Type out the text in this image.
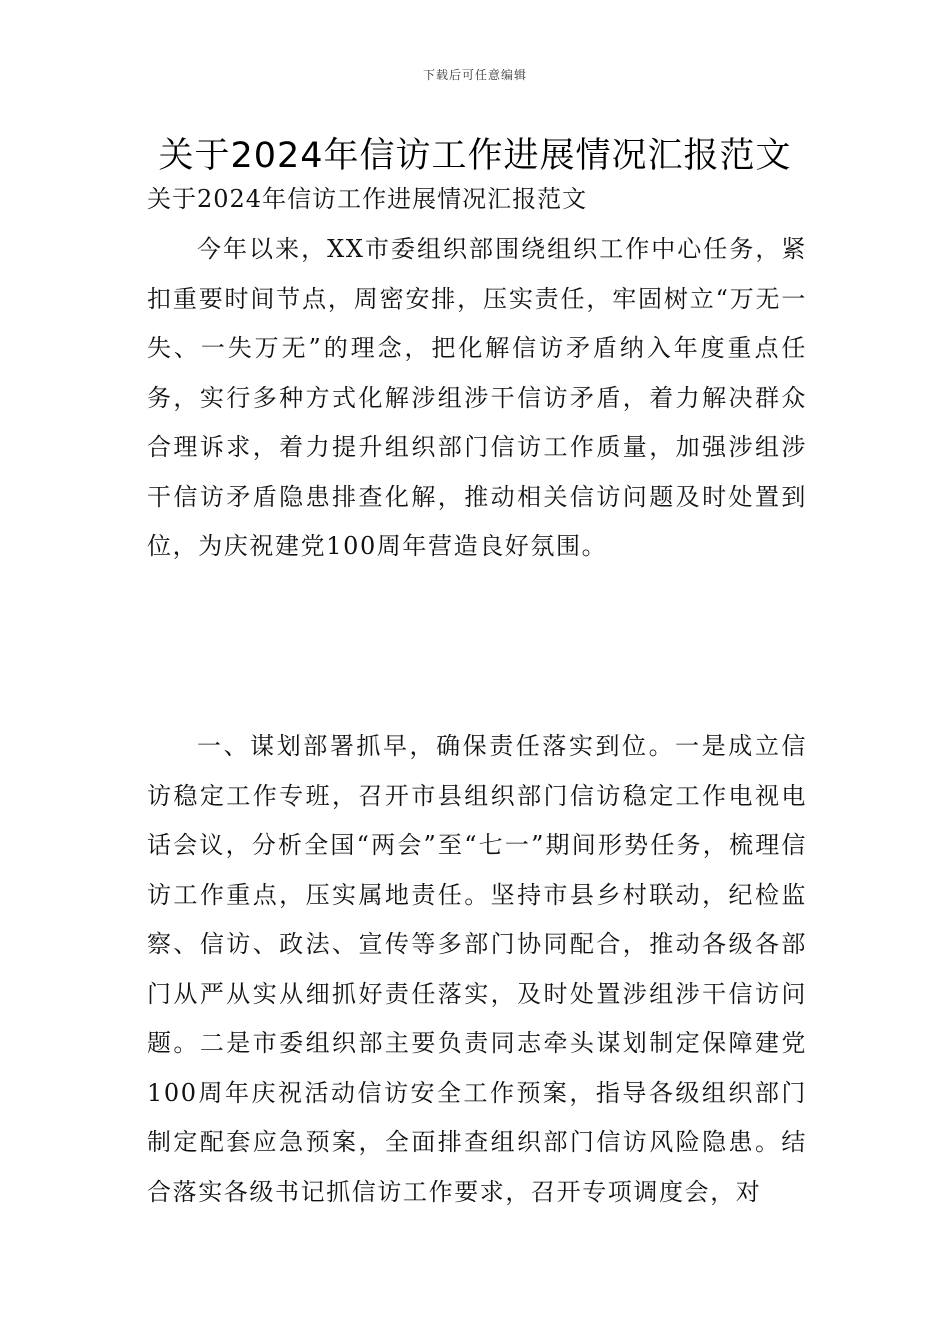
下载后可任意编辑
关于2024年信访工作进展情况汇报范文
关于2024年信访工作进展情况汇报范文

今年以来，XX市委组织部围绕组织工作中心任务，紧扣重要时间节点，周密安排，压实责任，牢固树立“万无一失、一失万无”的理念，把化解信访矛盾纳入年度重点任务，实行多种方式化解涉组涉干信访矛盾，着力解决群众合理诉求，着力提升组织部门信访工作质量，加强涉组涉干信访矛盾隐患排查化解，推动相关信访问题及时处置到位，为庆祝建党100周年营造良好氛围。

一、谋划部署抓早，确保责任落实到位。一是成立信访稳定工作专班，召开市县组织部门信访稳定工作电视电话会议，分析全国“两会”至“七一”期间形势任务，梳理信访工作重点，压实属地责任。坚持市县乡村联动，纪检监察、信访、政法、宣传等多部门协同配合，推动各级各部门从严从实从细抓好责任落实，及时处置涉组涉干信访问题。二是市委组织部主要负责同志牵头谋划制定保障建党100周年庆祝活动信访安全工作预案，指导各级组织部门制定配套应急预案，全面排查组织部门信访风险隐患。结合落实各级书记抓信访工作要求，召开专项调度会，对
